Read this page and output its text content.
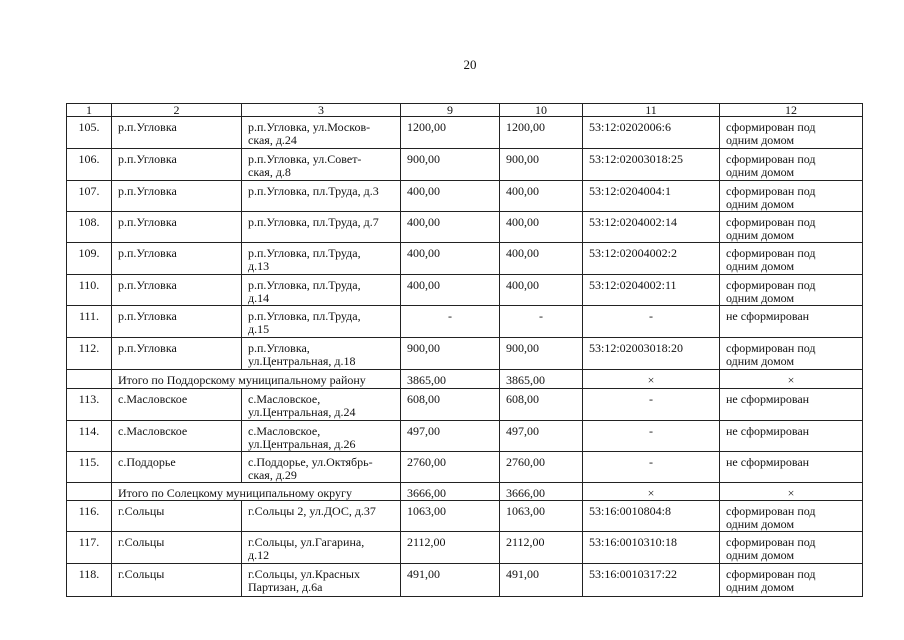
20
1	2	3	9	10	11	12
105.	р.п.Угловка	р.п.Угловка, ул.Москов-
ская, д.24	1200,00	1200,00	53:12:0202006:6	сформирован под
одним домом
106.	р.п.Угловка	р.п.Угловка, ул.Совет-
ская, д.8	900,00	900,00	53:12:02003018:25	сформирован под
одним домом
107.	р.п.Угловка	р.п.Угловка, пл.Труда, д.3	400,00	400,00	53:12:0204004:1	сформирован под
одним домом
108.	р.п.Угловка	р.п.Угловка, пл.Труда, д.7	400,00	400,00	53:12:0204002:14	сформирован под
одним домом
109.	р.п.Угловка	р.п.Угловка, пл.Труда,
д.13	400,00	400,00	53:12:02004002:2	сформирован под
одним домом
110.	р.п.Угловка	р.п.Угловка, пл.Труда,
д.14	400,00	400,00	53:12:0204002:11	сформирован под
одним домом
111.	р.п.Угловка	р.п.Угловка, пл.Труда,
д.15	-	-	-	не сформирован
112.	р.п.Угловка	р.п.Угловка,
ул.Центральная, д.18	900,00	900,00	53:12:02003018:20	сформирован под
одним домом
	Итого по Поддорскому муниципальному району		3865,00	3865,00	×	×
113.	с.Масловское	с.Масловское,
ул.Центральная, д.24	608,00	608,00	-	не сформирован
114.	с.Масловское	с.Масловское,
ул.Центральная, д.26	497,00	497,00	-	не сформирован
115.	с.Поддорье	с.Поддорье, ул.Октябрь-
ская, д.29	2760,00	2760,00	-	не сформирован
	Итого по Солецкому муниципальному округу		3666,00	3666,00	×	×
116.	г.Сольцы	г.Сольцы 2, ул.ДОС, д.37	1063,00	1063,00	53:16:0010804:8	сформирован под
одним домом
117.	г.Сольцы	г.Сольцы, ул.Гагарина,
д.12	2112,00	2112,00	53:16:0010310:18	сформирован под
одним домом
118.	г.Сольцы	г.Сольцы, ул.Красных
Партизан, д.6а	491,00	491,00	53:16:0010317:22	сформирован под
одним домом
